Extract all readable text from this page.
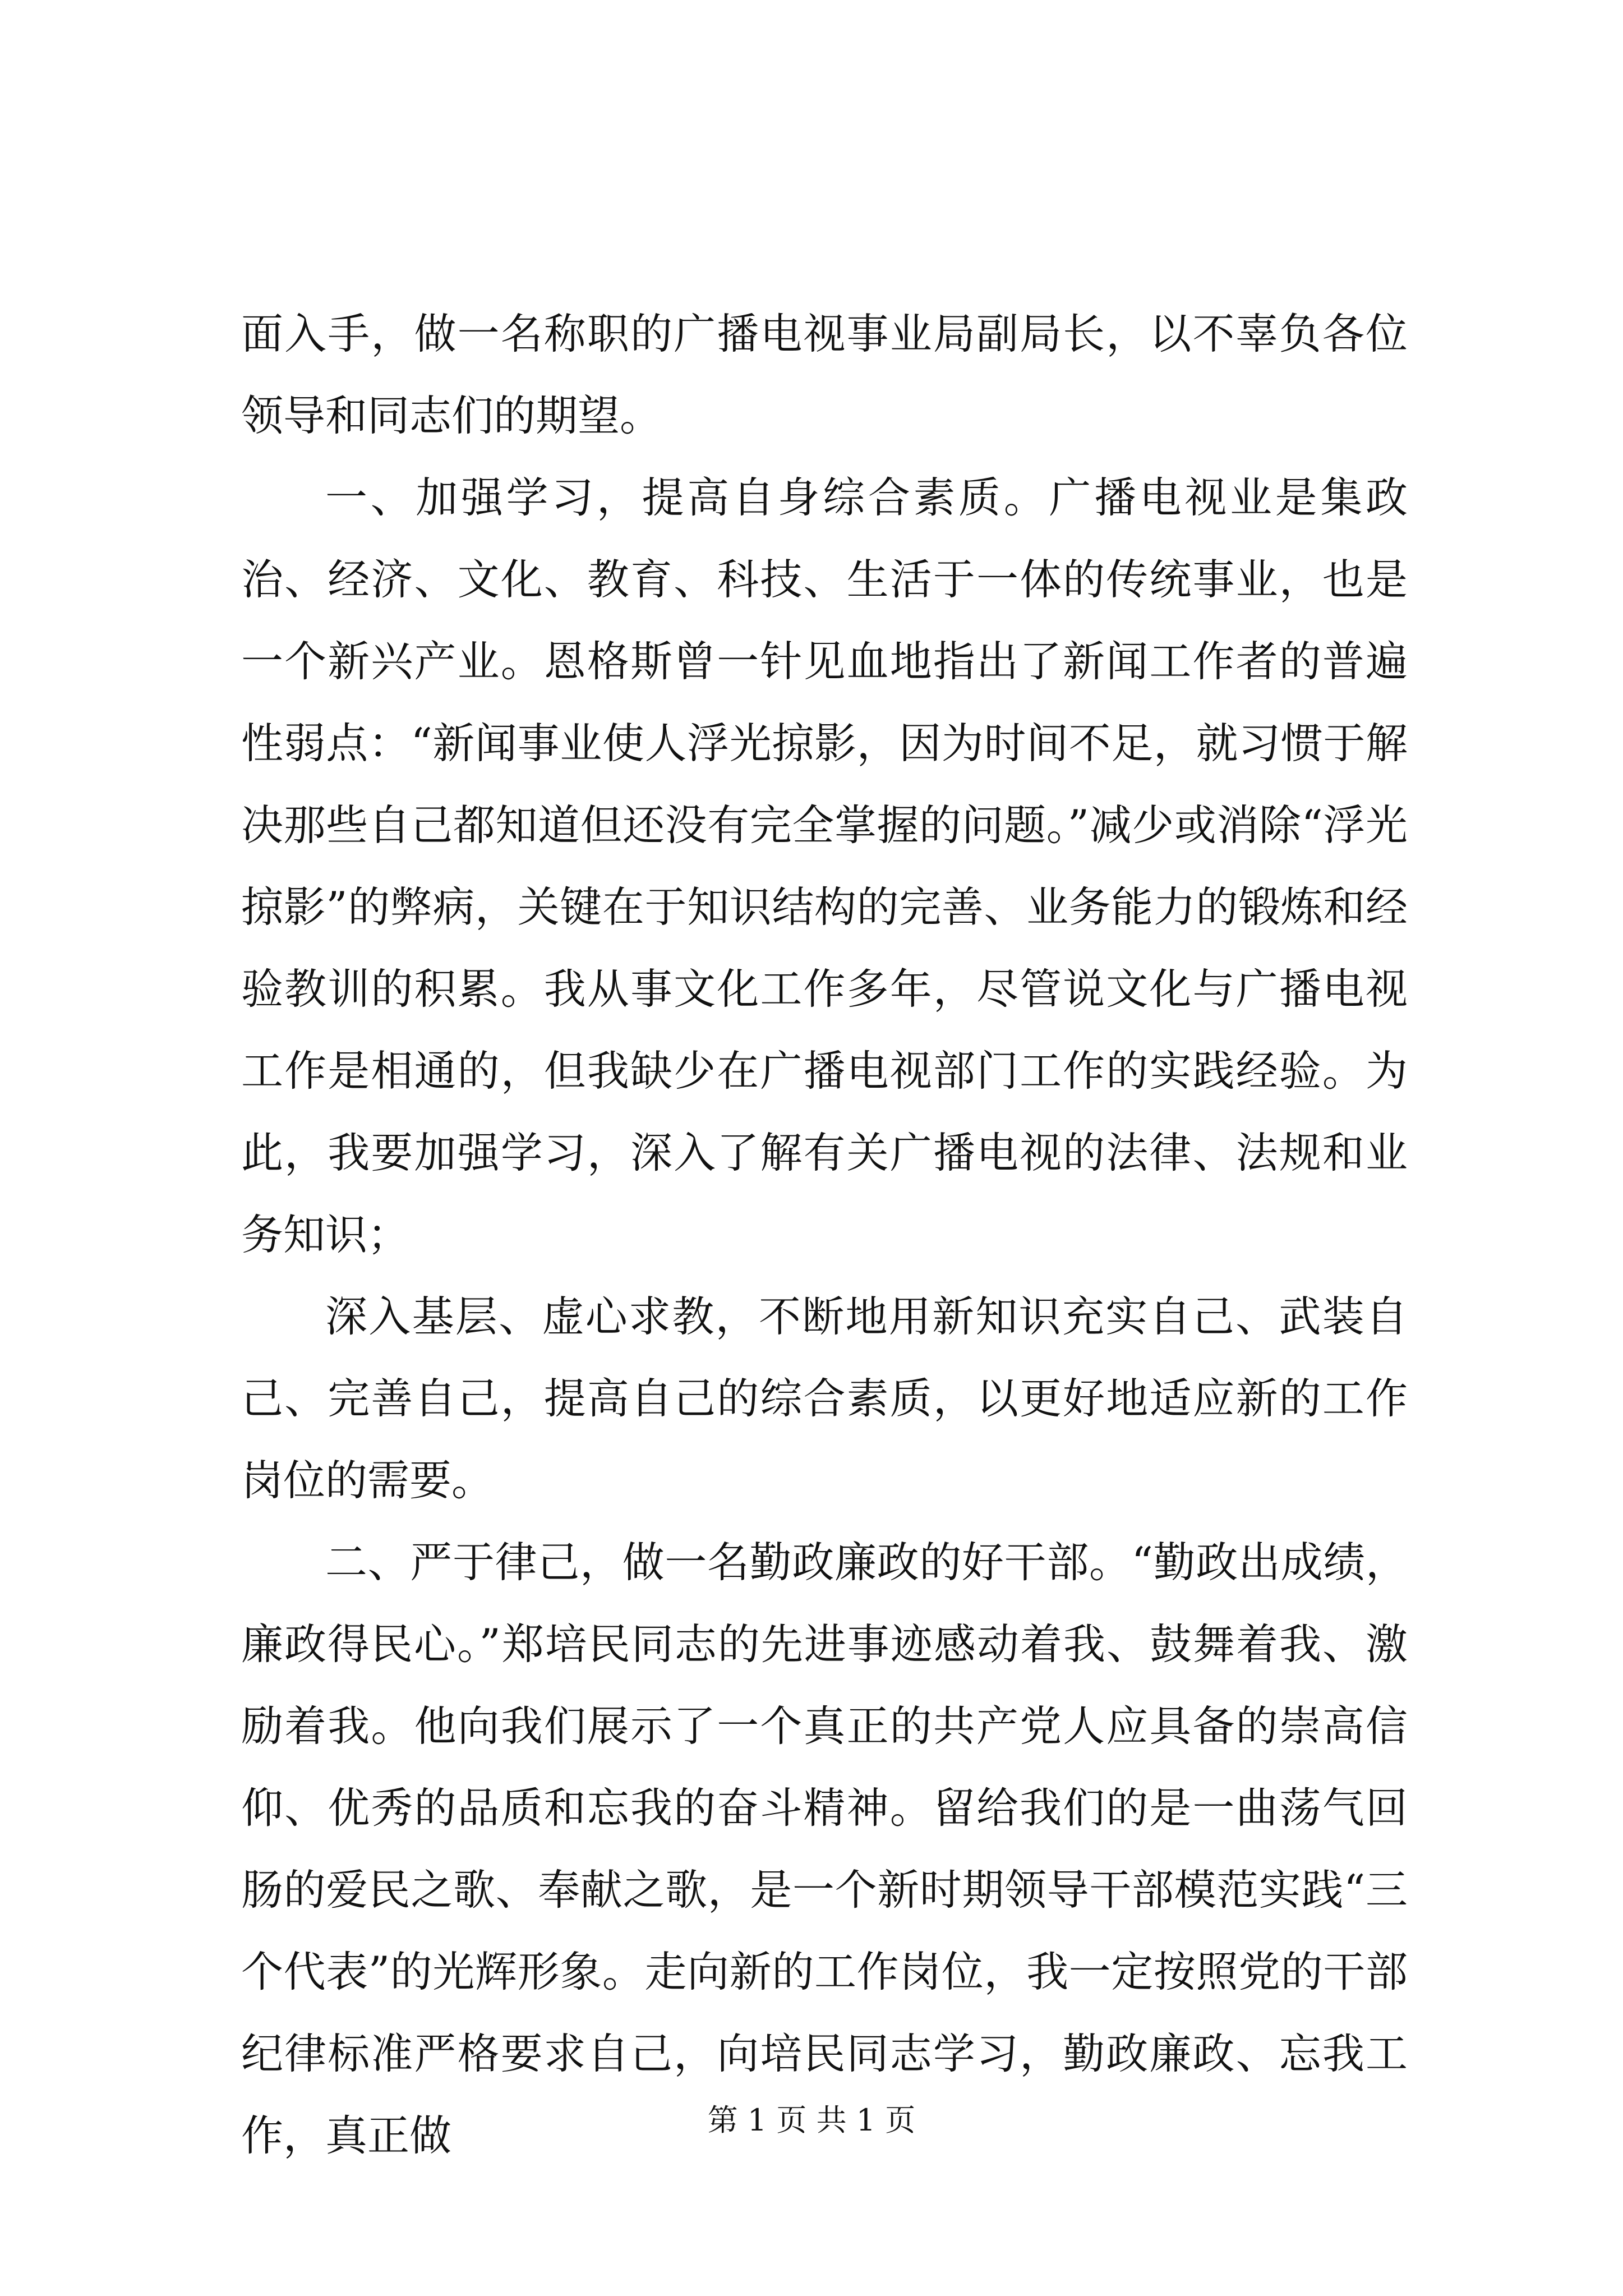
面入手，做一名称职的广播电视事业局副局长，以不辜负各位领导和同志们的期望。

一、加强学习，提高自身综合素质。广播电视业是集政治、经济、文化、教育、科技、生活于一体的传统事业，也是一个新兴产业。恩格斯曾一针见血地指出了新闻工作者的普遍性弱点：“新闻事业使人浮光掠影，因为时间不足，就习惯于解决那些自己都知道但还没有完全掌握的问题。”减少或消除“浮光掠影”的弊病，关键在于知识结构的完善、业务能力的锻炼和经验教训的积累。我从事文化工作多年，尽管说文化与广播电视工作是相通的，但我缺少在广播电视部门工作的实践经验。为此，我要加强学习，深入了解有关广播电视的法律、法规和业务知识；

深入基层、虚心求教，不断地用新知识充实自己、武装自己、完善自己，提高自己的综合素质，以更好地适应新的工作岗位的需要。

二、严于律己，做一名勤政廉政的好干部。“勤政出成绩，廉政得民心。”郑培民同志的先进事迹感动着我、鼓舞着我、激励着我。他向我们展示了一个真正的共产党人应具备的崇高信仰、优秀的品质和忘我的奋斗精神。留给我们的是一曲荡气回肠的爱民之歌、奉献之歌，是一个新时期领导干部模范实践“三个代表”的光辉形象。走向新的工作岗位，我一定按照党的干部纪律标准严格要求自己，向培民同志学习，勤政廉政、忘我工作，真正做	第 1 页 共 1 页
